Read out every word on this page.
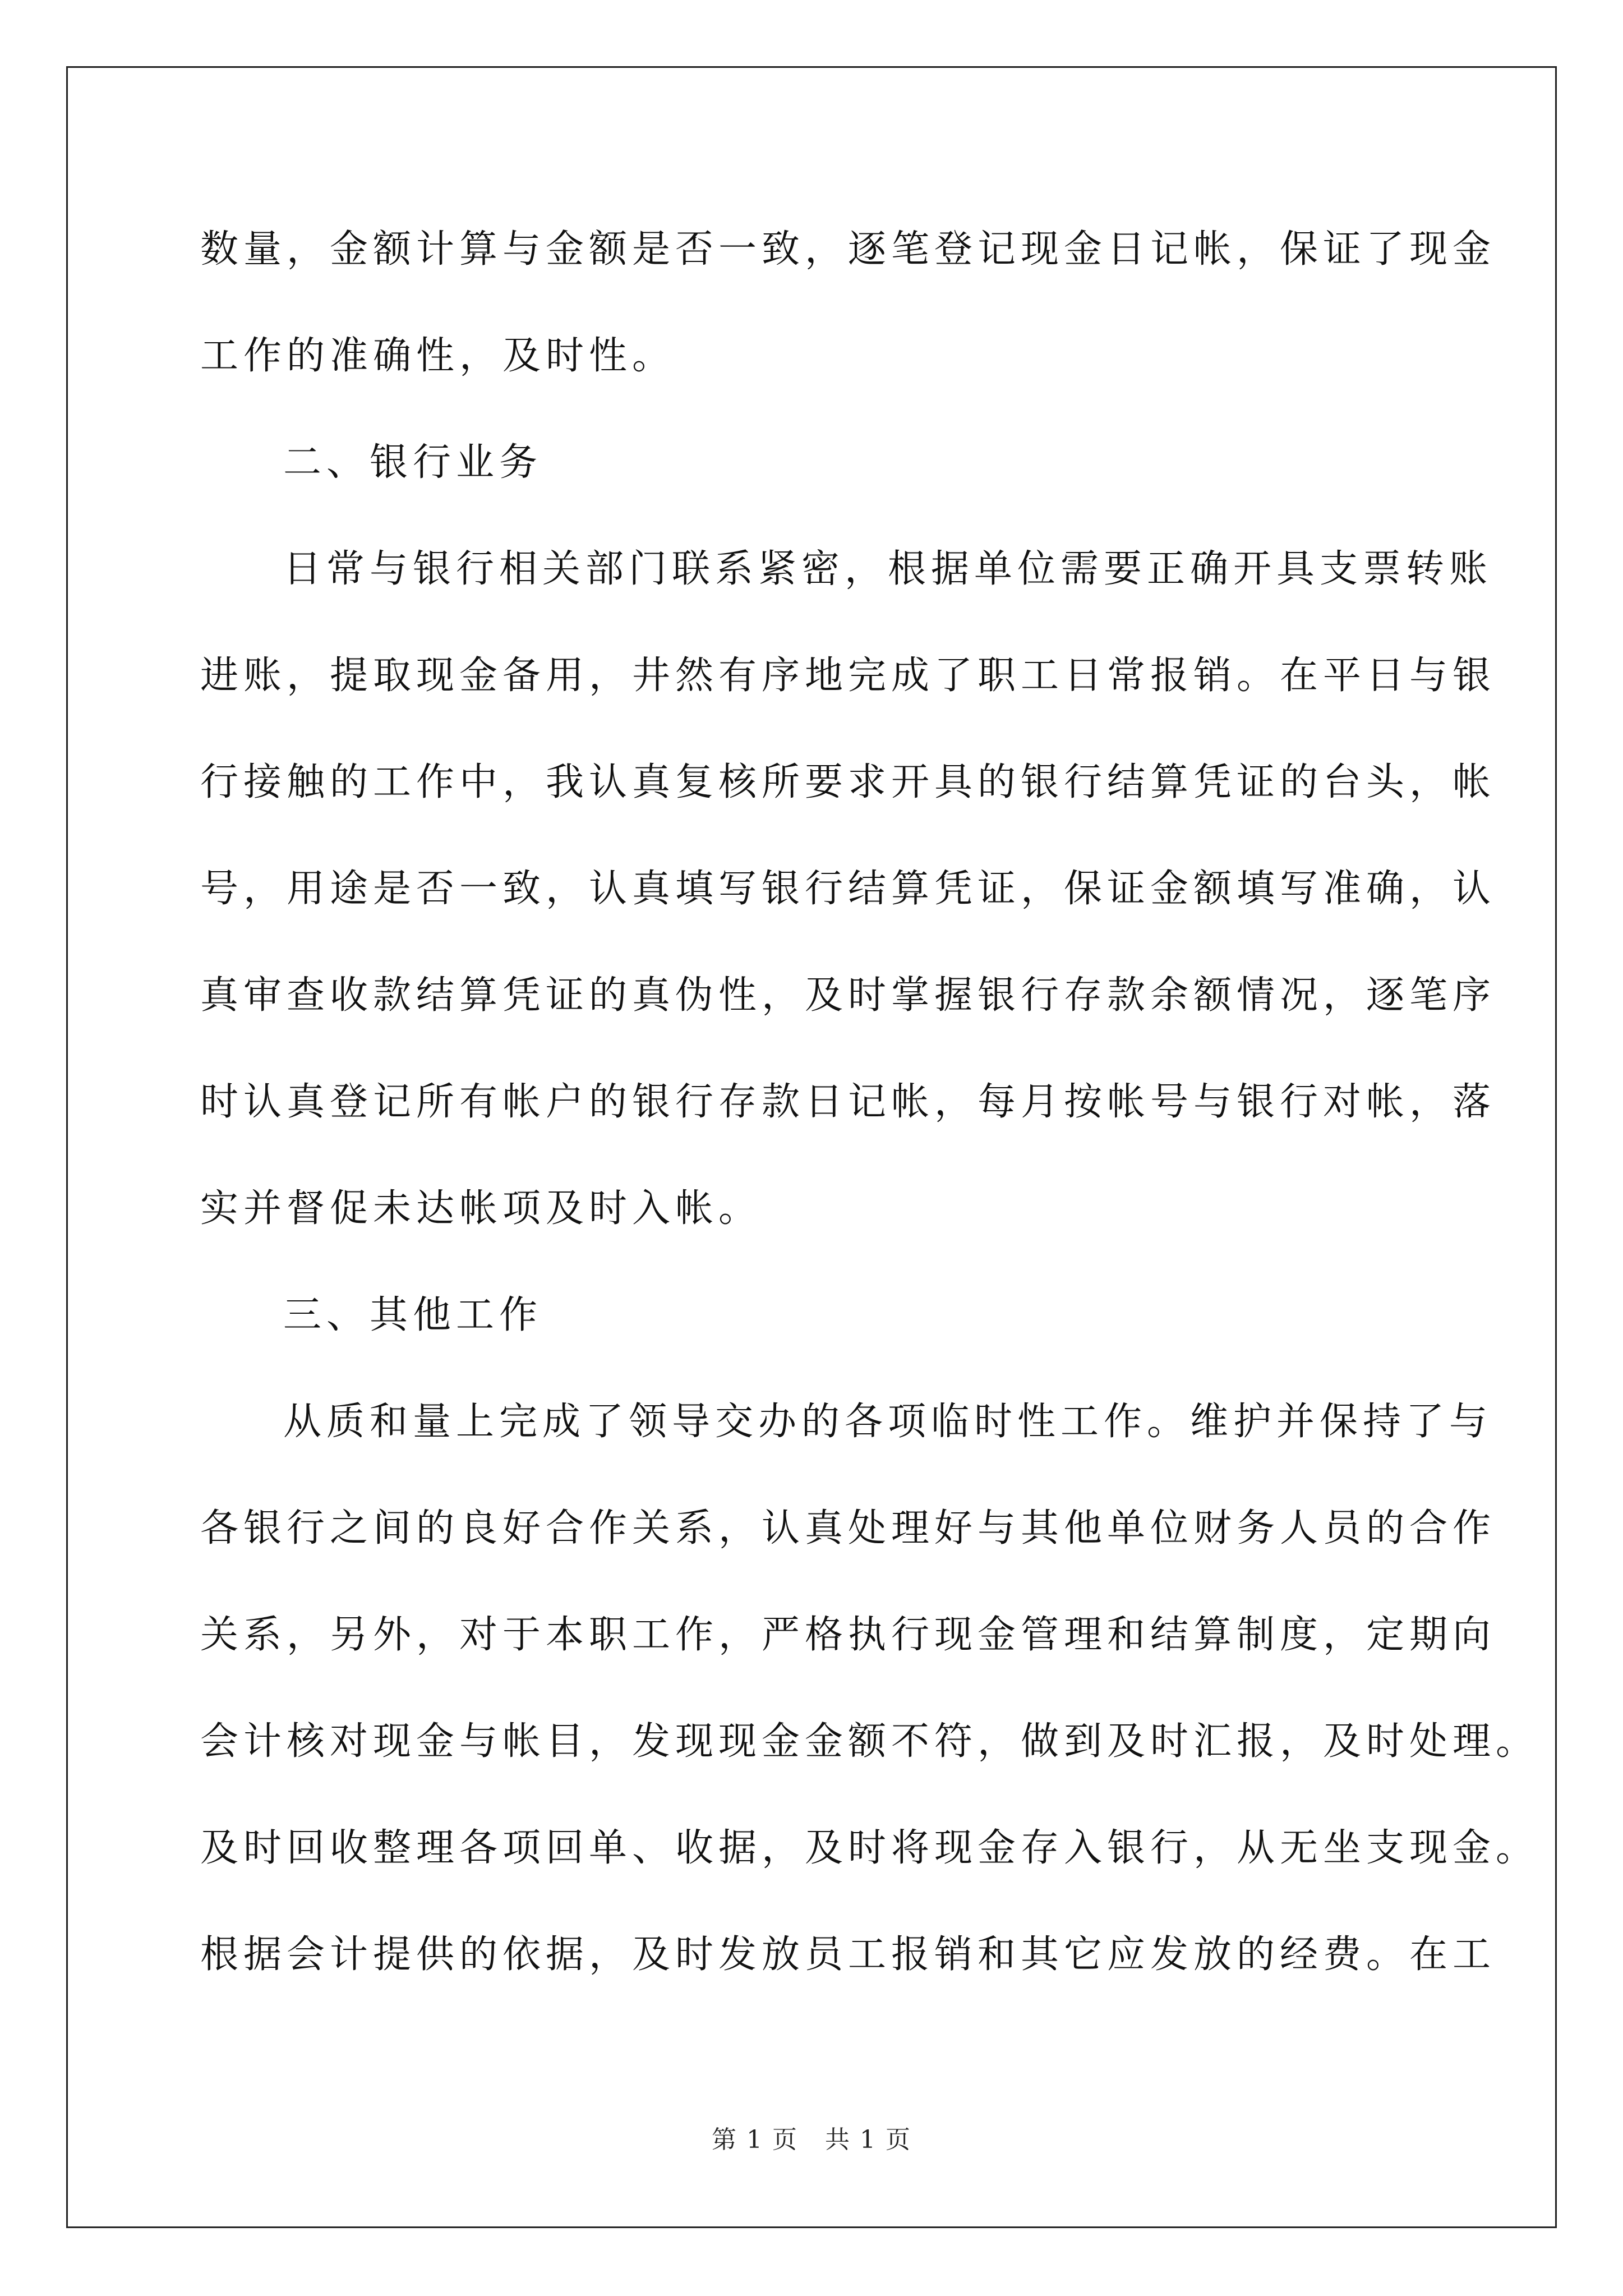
数量，金额计算与金额是否一致，逐笔登记现金日记帐，保证了现金
工作的准确性，及时性。
二、银行业务
日常与银行相关部门联系紧密，根据单位需要正确开具支票转账
进账，提取现金备用，井然有序地完成了职工日常报销。在平日与银
行接触的工作中，我认真复核所要求开具的银行结算凭证的台头，帐
号，用途是否一致，认真填写银行结算凭证，保证金额填写准确，认
真审查收款结算凭证的真伪性，及时掌握银行存款余额情况，逐笔序
时认真登记所有帐户的银行存款日记帐，每月按帐号与银行对帐，落
实并督促未达帐项及时入帐。
三、其他工作
从质和量上完成了领导交办的各项临时性工作。维护并保持了与
各银行之间的良好合作关系，认真处理好与其他单位财务人员的合作
关系，另外，对于本职工作，严格执行现金管理和结算制度，定期向
会计核对现金与帐目，发现现金金额不符，做到及时汇报，及时处理。
及时回收整理各项回单、收据，及时将现金存入银行，从无坐支现金。
根据会计提供的依据，及时发放员工报销和其它应发放的经费。在工
第 1 页   共 1 页
